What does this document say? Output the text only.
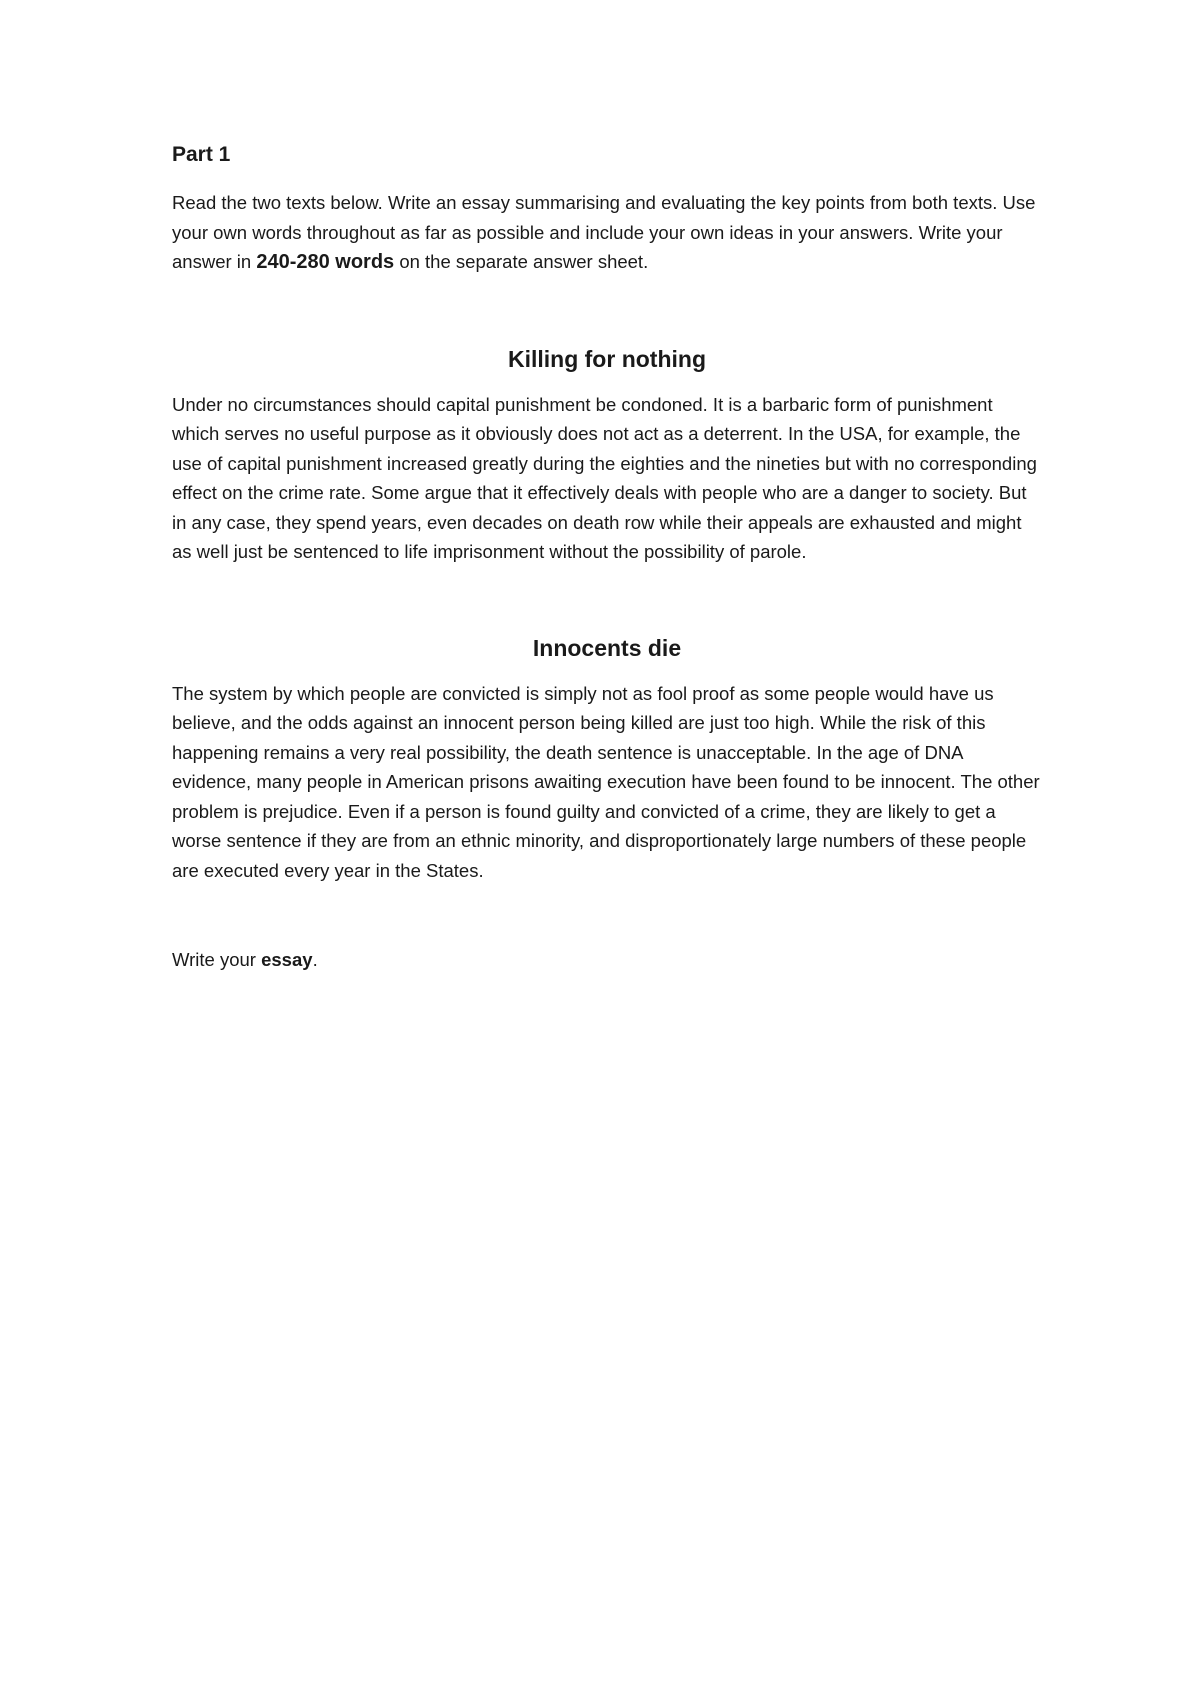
Part 1

Read the two texts below. Write an essay summarising and evaluating the key points from both texts. Use your own words throughout as far as possible and include your own ideas in your answers. Write your answer in 240-280 words on the separate answer sheet.

Killing for nothing

Under no circumstances should capital punishment be condoned. It is a barbaric form of punishment which serves no useful purpose as it obviously does not act as a deterrent. In the USA, for example, the use of capital punishment increased greatly during the eighties and the nineties but with no corresponding effect on the crime rate. Some argue that it effectively deals with people who are a danger to society. But in any case, they spend years, even decades on death row while their appeals are exhausted and might as well just be sentenced to life imprisonment without the possibility of parole.

Innocents die

The system by which people are convicted is simply not as fool proof as some people would have us believe, and the odds against an innocent person being killed are just too high. While the risk of this happening remains a very real possibility, the death sentence is unacceptable. In the age of DNA evidence, many people in American prisons awaiting execution have been found to be innocent. The other problem is prejudice. Even if a person is found guilty and convicted of a crime, they are likely to get a worse sentence if they are from an ethnic minority, and disproportionately large numbers of these people are executed every year in the States.

Write your essay.
